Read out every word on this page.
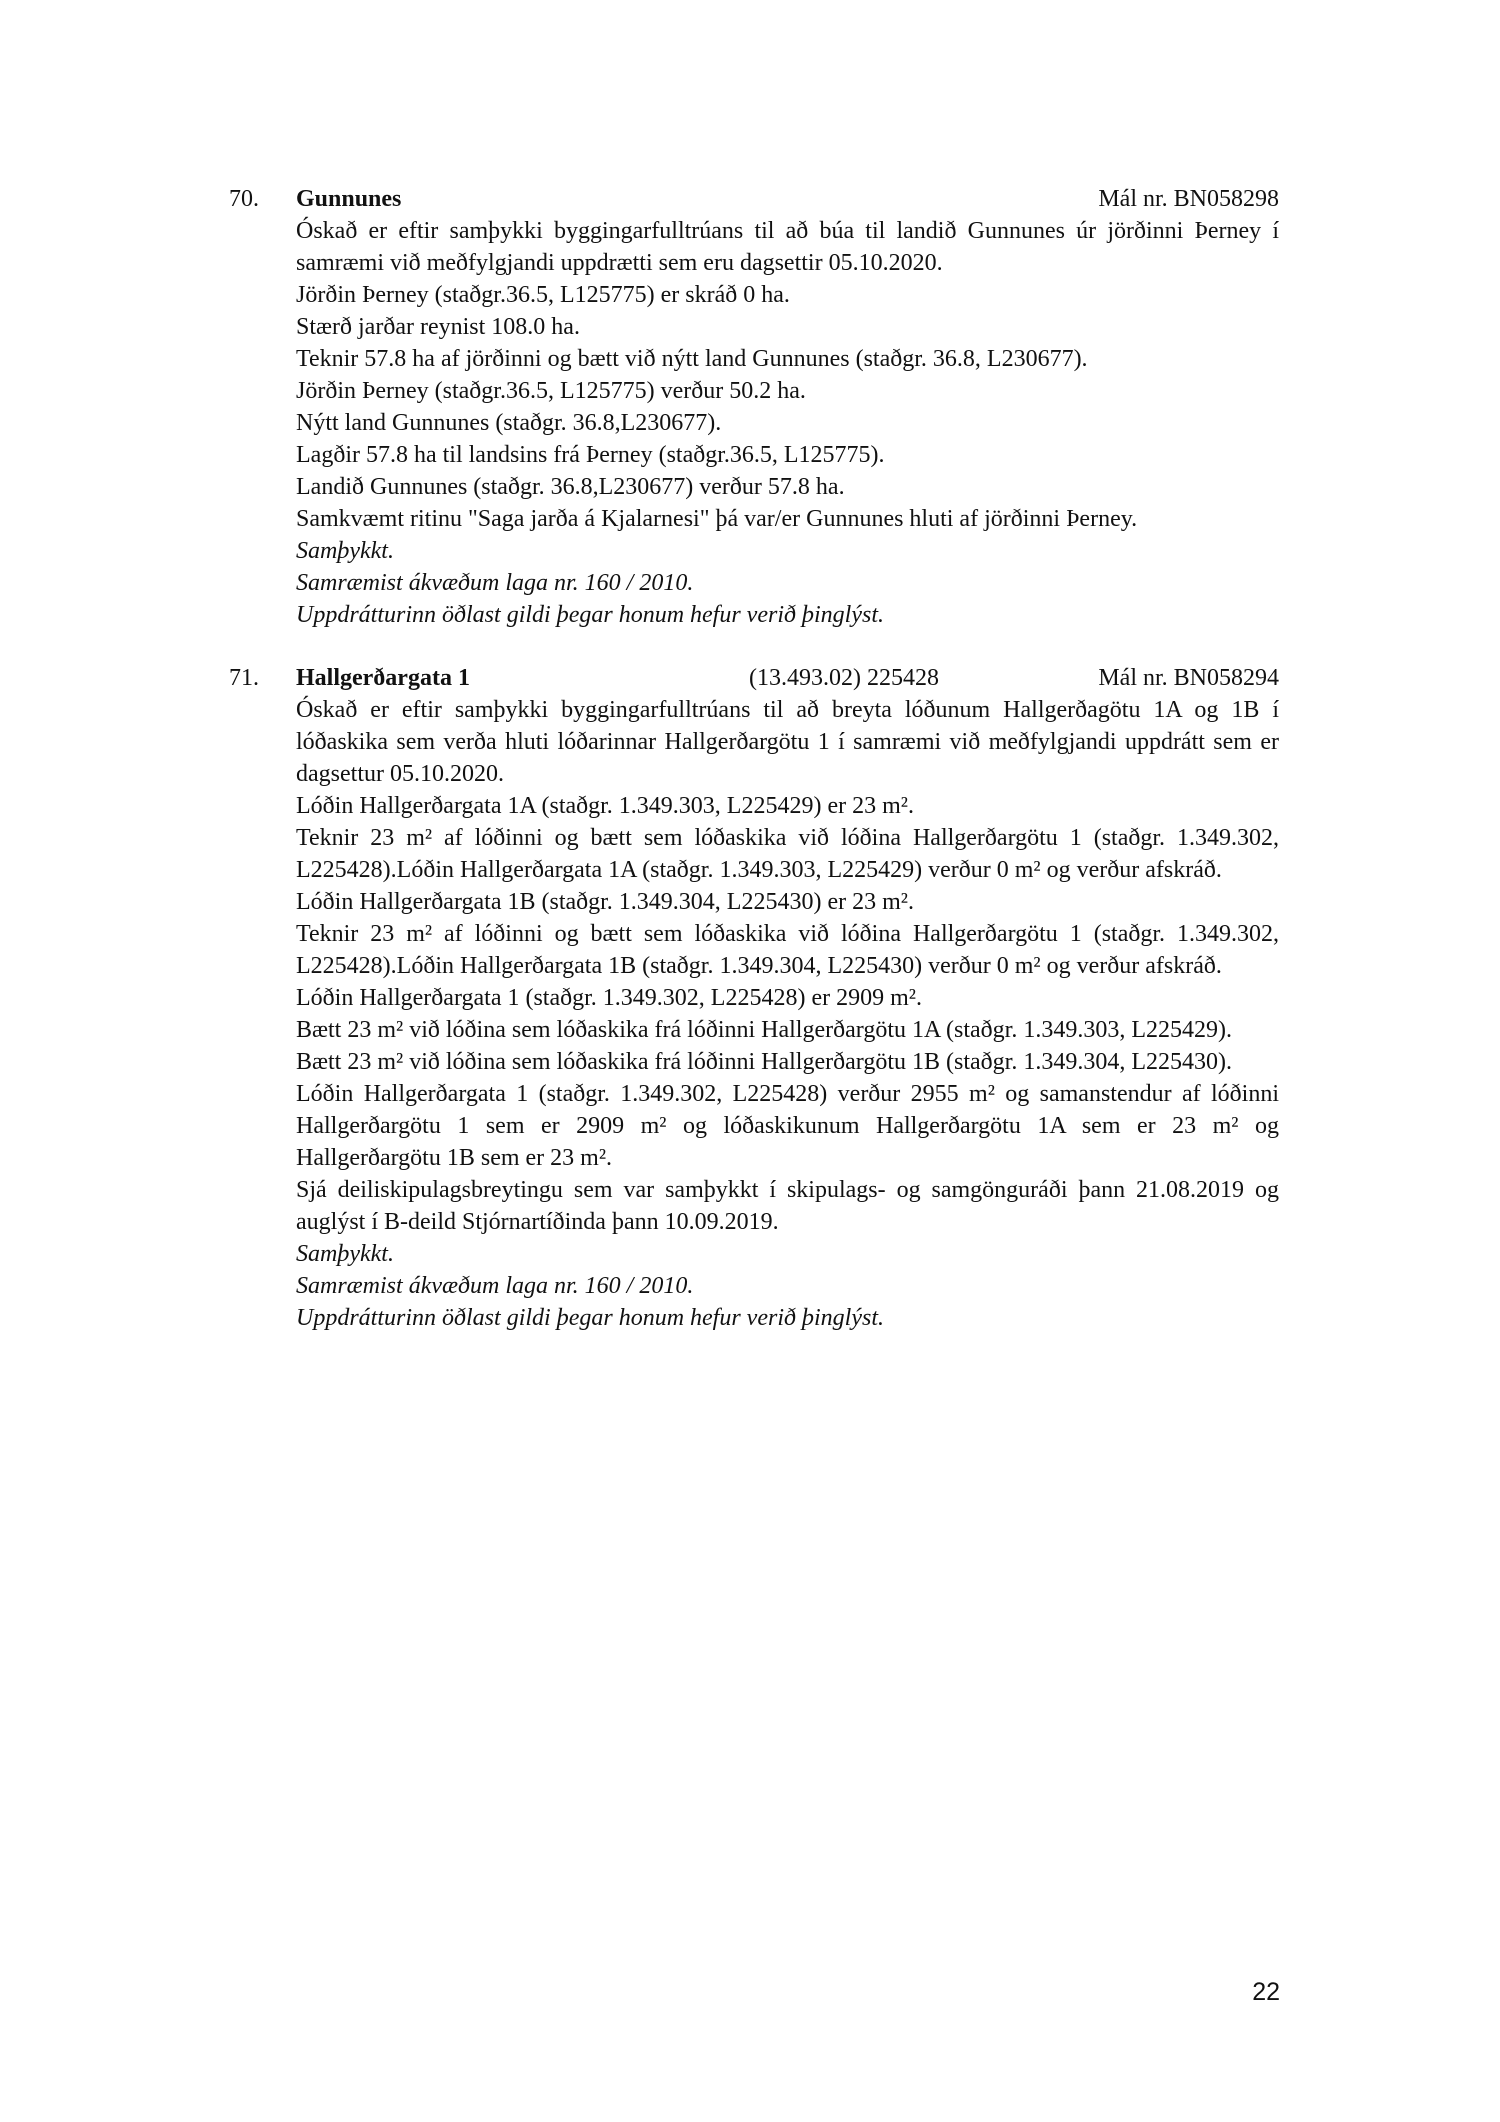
70. Gunnunes	Mál nr. BN058298

Óskað er eftir samþykki byggingarfulltrúans til að búa til landið Gunnunes úr jörðinni Þerney í samræmi við meðfylgjandi uppdrætti sem eru dagsettir 05.10.2020.

Jörðin Þerney (staðgr.36.5, L125775) er skráð 0 ha.

Stærð jarðar reynist 108.0 ha.

Teknir 57.8 ha af jörðinni og bætt við nýtt land Gunnunes (staðgr. 36.8, L230677).

Jörðin Þerney (staðgr.36.5, L125775) verður 50.2 ha.

Nýtt land Gunnunes (staðgr. 36.8,L230677).

Lagðir 57.8 ha til landsins frá Þerney (staðgr.36.5, L125775).

Landið Gunnunes (staðgr. 36.8,L230677) verður 57.8 ha.

Samkvæmt ritinu "Saga jarða á Kjalarnesi" þá var/er Gunnunes hluti af jörðinni Þerney.

Samþykkt.

Samræmist ákvæðum laga nr. 160 / 2010.

Uppdrátturinn öðlast gildi þegar honum hefur verið þinglýst.

71. Hallgerðargata 1	(13.493.02) 225428	Mál nr. BN058294

Óskað er eftir samþykki byggingarfulltrúans til að breyta lóðunum Hallgerðagötu 1A og 1B í lóðaskika sem verða hluti lóðarinnar Hallgerðargötu 1 í samræmi við meðfylgjandi uppdrátt sem er dagsettur 05.10.2020.

Lóðin Hallgerðargata 1A (staðgr. 1.349.303, L225429) er 23 m².

Teknir 23 m² af lóðinni og bætt sem lóðaskika við lóðina Hallgerðargötu 1 (staðgr. 1.349.302, L225428).Lóðin Hallgerðargata 1A (staðgr. 1.349.303, L225429) verður 0 m² og verður afskráð.

Lóðin Hallgerðargata 1B (staðgr. 1.349.304, L225430) er 23 m².

Teknir 23 m² af lóðinni og bætt sem lóðaskika við lóðina Hallgerðargötu 1 (staðgr. 1.349.302, L225428).Lóðin Hallgerðargata 1B (staðgr. 1.349.304, L225430) verður 0 m² og verður afskráð.

Lóðin Hallgerðargata 1 (staðgr. 1.349.302, L225428) er 2909 m².

Bætt 23 m² við lóðina sem lóðaskika frá lóðinni Hallgerðargötu 1A (staðgr. 1.349.303, L225429).

Bætt 23 m² við lóðina sem lóðaskika frá lóðinni Hallgerðargötu 1B (staðgr. 1.349.304, L225430).

Lóðin Hallgerðargata 1 (staðgr. 1.349.302, L225428) verður 2955 m² og samanstendur af lóðinni Hallgerðargötu 1 sem er 2909 m² og lóðaskikunum Hallgerðargötu 1A sem er 23 m² og Hallgerðargötu 1B sem er 23 m².

Sjá deiliskipulagsbreytingu sem var samþykkt í skipulags- og samgönguráði þann 21.08.2019 og auglýst í B-deild Stjórnartíðinda þann 10.09.2019.

Samþykkt.

Samræmist ákvæðum laga nr. 160 / 2010.

Uppdrátturinn öðlast gildi þegar honum hefur verið þinglýst.

22
